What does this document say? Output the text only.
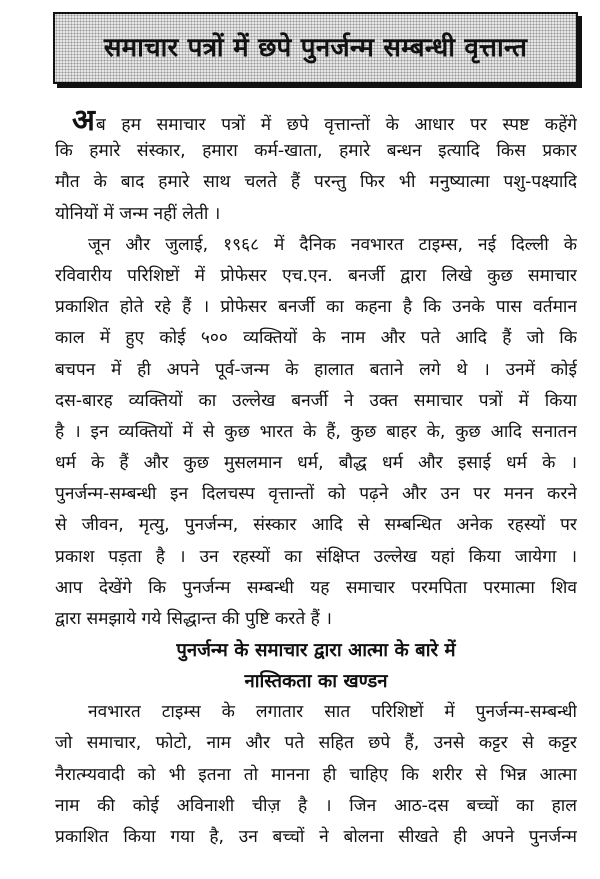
समाचार पत्रों में छपे पुनर्जन्म सम्बन्धी वृत्तान्त
अब हम समाचार पत्रों में छपे वृत्तान्तों के आधार पर स्पष्ट कहेंगे
कि हमारे संस्कार, हमारा कर्म-खाता, हमारे बन्धन इत्यादि किस प्रकार
मौत के बाद हमारे साथ चलते हैं परन्तु फिर भी मनुष्यात्मा पशु-पक्ष्यादि
योनियों में जन्म नहीं लेती ।
जून और जुलाई, १९६८ में दैनिक नवभारत टाइम्स, नई दिल्ली के
रविवारीय परिशिष्टों में प्रोफेसर एच.एन. बनर्जी द्वारा लिखे कुछ समाचार
प्रकाशित होते रहे हैं । प्रोफेसर बनर्जी का कहना है कि उनके पास वर्तमान
काल में हुए कोई ५०० व्यक्तियों के नाम और पते आदि हैं जो कि
बचपन में ही अपने पूर्व-जन्म के हालात बताने लगे थे । उनमें कोई
दस-बारह व्यक्तियों का उल्लेख बनर्जी ने उक्त समाचार पत्रों में किया
है । इन व्यक्तियों में से कुछ भारत के हैं, कुछ बाहर के, कुछ आदि सनातन
धर्म के हैं और कुछ मुसलमान धर्म, बौद्ध धर्म और इसाई धर्म के ।
पुनर्जन्म-सम्बन्धी इन दिलचस्प वृत्तान्तों को पढ़ने और उन पर मनन करने
से जीवन, मृत्यु, पुनर्जन्म, संस्कार आदि से सम्बन्धित अनेक रहस्यों पर
प्रकाश पड़ता है । उन रहस्यों का संक्षिप्त उल्लेख यहां किया जायेगा ।
आप देखेंगे कि पुनर्जन्म सम्बन्धी यह समाचार परमपिता परमात्मा शिव
द्वारा समझाये गये सिद्धान्त की पुष्टि करते हैं ।
पुनर्जन्म के समाचार द्वारा आत्मा के बारे में
नास्तिकता का खण्डन
नवभारत टाइम्स के लगातार सात परिशिष्टों में पुनर्जन्म-सम्बन्धी
जो समाचार, फोटो, नाम और पते सहित छपे हैं, उनसे कट्टर से कट्टर
नैरात्म्यवादी को भी इतना तो मानना ही चाहिए कि शरीर से भिन्न आत्मा
नाम की कोई अविनाशी चीज़ है । जिन आठ-दस बच्चों का हाल
प्रकाशित किया गया है, उन बच्चों ने बोलना सीखते ही अपने पुनर्जन्म
